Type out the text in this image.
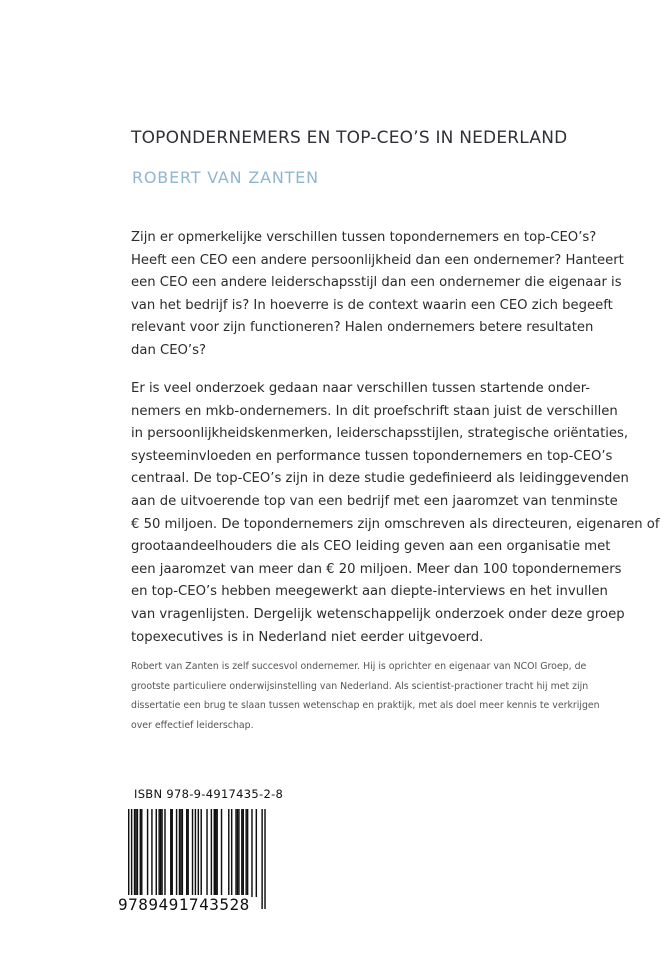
TOPONDERNEMERS EN TOP-CEO’S IN NEDERLAND
ROBERT VAN ZANTEN
Zijn er opmerkelijke verschillen tussen topondernemers en top-CEO’s?
Heeft een CEO een andere persoonlijkheid dan een ondernemer? Hanteert
een CEO een andere leiderschapsstijl dan een ondernemer die eigenaar is
van het bedrijf is? In hoeverre is de context waarin een CEO zich begeeft
relevant voor zijn functioneren? Halen ondernemers betere resultaten
dan CEO’s?
Er is veel onderzoek gedaan naar verschillen tussen startende onder-
nemers en mkb-ondernemers. In dit proefschrift staan juist de verschillen
in persoonlijkheidskenmerken, leiderschapsstijlen, strategische oriëntaties,
systeeminvloeden en performance tussen topondernemers en top-CEO’s
centraal. De top-CEO’s zijn in deze studie gedefinieerd als leidinggevenden
aan de uitvoerende top van een bedrijf met een jaaromzet van tenminste
€ 50 miljoen. De topondernemers zijn omschreven als directeuren, eigenaren of
grootaandeelhouders die als CEO leiding geven aan een organisatie met
een jaaromzet van meer dan € 20 miljoen. Meer dan 100 topondernemers
en top-CEO’s hebben meegewerkt aan diepte-interviews en het invullen
van vragenlijsten. Dergelijk wetenschappelijk onderzoek onder deze groep
topexecutives is in Nederland niet eerder uitgevoerd.
Robert van Zanten is zelf succesvol ondernemer. Hij is oprichter en eigenaar van NCOI Groep, de
grootste particuliere onderwijsinstelling van Nederland. Als scientist-practioner tracht hij met zijn
dissertatie een brug te slaan tussen wetenschap en praktijk, met als doel meer kennis te verkrijgen
over effectief leiderschap.
ISBN 978-9-4917435-2-8
9789491743528
